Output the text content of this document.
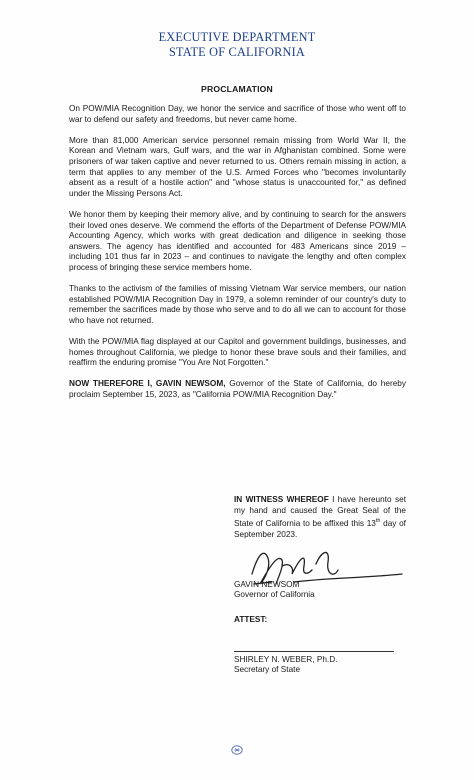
EXECUTIVE DEPARTMENT
STATE OF CALIFORNIA
PROCLAMATION

On POW/MIA Recognition Day, we honor the service and sacrifice of those who went off to war to defend our safety and freedoms, but never came home.

More than 81,000 American service personnel remain missing from World War II, the Korean and Vietnam wars, Gulf wars, and the war in Afghanistan combined. Some were prisoners of war taken captive and never returned to us. Others remain missing in action, a term that applies to any member of the U.S. Armed Forces who "becomes involuntarily absent as a result of a hostile action" and "whose status is unaccounted for," as defined under the Missing Persons Act.

We honor them by keeping their memory alive, and by continuing to search for the answers their loved ones deserve. We commend the efforts of the Department of Defense POW/MIA Accounting Agency, which works with great dedication and diligence in seeking those answers. The agency has identified and accounted for 483 Americans since 2019 – including 101 thus far in 2023 – and continues to navigate the lengthy and often complex process of bringing these service members home.

Thanks to the activism of the families of missing Vietnam War service members, our nation established POW/MIA Recognition Day in 1979, a solemn reminder of our country's duty to remember the sacrifices made by those who serve and to do all we can to account for those who have not returned.

With the POW/MIA flag displayed at our Capitol and government buildings, businesses, and homes throughout California, we pledge to honor these brave souls and their families, and reaffirm the enduring promise "You Are Not Forgotten."

NOW THEREFORE I, GAVIN NEWSOM, Governor of the State of California, do hereby proclaim September 15, 2023, as "California POW/MIA Recognition Day."

IN WITNESS WHEREOF I have hereunto set my hand and caused the Great Seal of the State of California to be affixed this 13th day of September 2023.
GAVIN NEWSOM
Governor of California
ATTEST:
SHIRLEY N. WEBER, Ph.D.
Secretary of State
